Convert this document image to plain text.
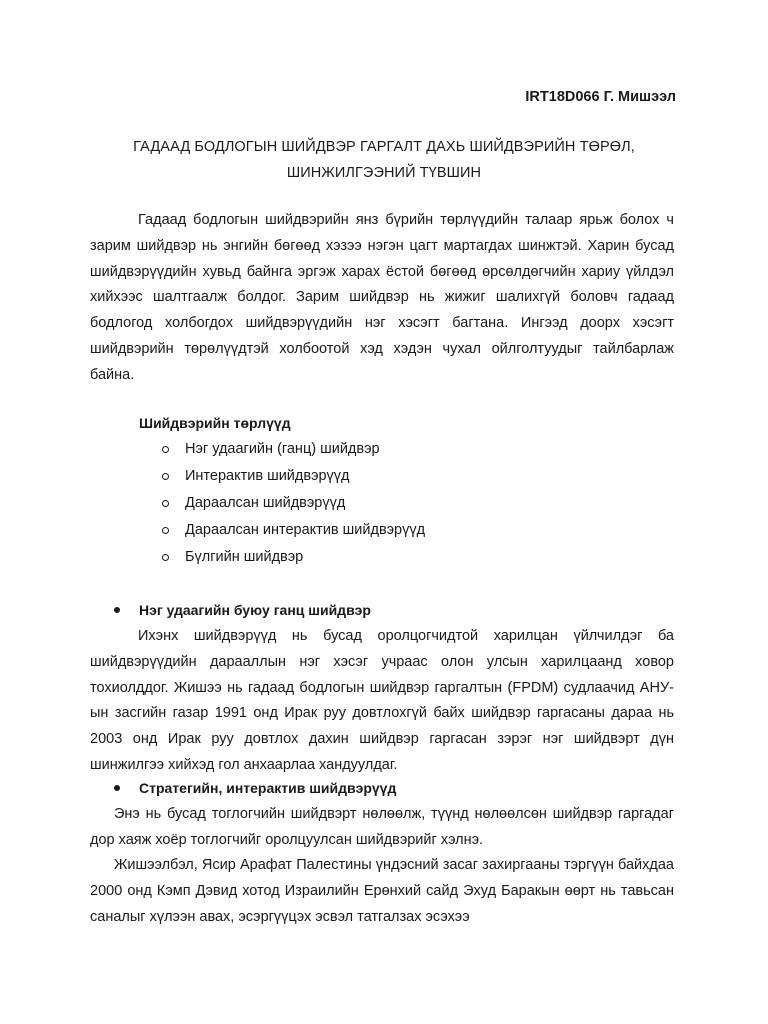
IRT18D066 Г. Мишээл
ГАДААД БОДЛОГЫН ШИЙДВЭР ГАРГАЛТ ДАХЬ ШИЙДВЭРИЙН ТӨРӨЛ,
ШИНЖИЛГЭЭНИЙ ТҮВШИН
Гадаад бодлогын шийдвэрийн янз бүрийн төрлүүдийн талаар ярьж болох ч зарим шийдвэр нь энгийн бөгөөд хэзээ нэгэн цагт мартагдах шинжтэй. Харин бусад шийдвэрүүдийн хувьд байнга эргэж харах ёстой бөгөөд өрсөлдөгчийн хариу үйлдэл хийхээс шалтгаалж болдог. Зарим шийдвэр нь жижиг шалихгүй боловч гадаад бодлогод холбогдох шийдвэрүүдийн нэг хэсэгт багтана. Ингээд доорх хэсэгт шийдвэрийн төрөлүүдтэй холбоотой хэд хэдэн чухал ойлголтуудыг тайлбарлаж байна.
Шийдвэрийн төрлүүд
Нэг удаагийн (ганц) шийдвэр
Интерактив шийдвэрүүд
Дараалсан шийдвэрүүд
Дараалсан интерактив шийдвэрүүд
Бүлгийн шийдвэр
Нэг удаагийн буюу ганц шийдвэр
Ихэнх шийдвэрүүд нь бусад оролцогчидтой харилцан үйлчилдэг ба шийдвэрүүдийн дарааллын нэг хэсэг учраас олон улсын харилцаанд ховор тохиолддог. Жишээ нь гадаад бодлогын шийдвэр гаргалтын (FPDM) судлаачид АНУ-ын засгийн газар 1991 онд Ирак руу довтлохгүй байх шийдвэр гаргасаны дараа нь 2003 онд Ирак руу довтлох дахин шийдвэр гаргасан зэрэг нэг шийдвэрт дүн шинжилгээ хийхэд гол анхаарлаа хандуулдаг.
Стратегийн, интерактив шийдвэрүүд
Энэ нь бусад тоглогчийн шийдвэрт нөлөөлж, түүнд нөлөөлсөн шийдвэр гаргадаг дор хаяж хоёр тоглогчийг оролцуулсан шийдвэрийг хэлнэ.
Жишээлбэл, Ясир Арафат Палестины үндэсний засаг захиргааны тэргүүн байхдаа 2000 онд Кэмп Дэвид хотод Израилийн Ерөнхий сайд Эхуд Баракын өөрт нь тавьсан саналыг хүлээн авах, эсэргүүцэх эсвэл татгалзах эсэхээ
